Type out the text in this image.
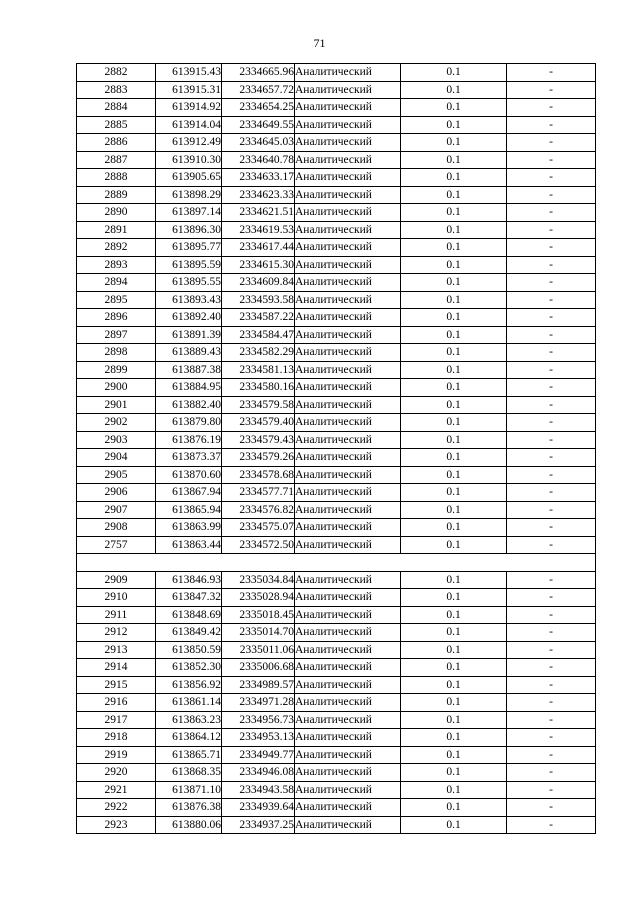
71
2882	613915.43	2334665.96	Аналитический	0.1	-
2883	613915.31	2334657.72	Аналитический	0.1	-
2884	613914.92	2334654.25	Аналитический	0.1	-
2885	613914.04	2334649.55	Аналитический	0.1	-
2886	613912.49	2334645.03	Аналитический	0.1	-
2887	613910.30	2334640.78	Аналитический	0.1	-
2888	613905.65	2334633.17	Аналитический	0.1	-
2889	613898.29	2334623.33	Аналитический	0.1	-
2890	613897.14	2334621.51	Аналитический	0.1	-
2891	613896.30	2334619.53	Аналитический	0.1	-
2892	613895.77	2334617.44	Аналитический	0.1	-
2893	613895.59	2334615.30	Аналитический	0.1	-
2894	613895.55	2334609.84	Аналитический	0.1	-
2895	613893.43	2334593.58	Аналитический	0.1	-
2896	613892.40	2334587.22	Аналитический	0.1	-
2897	613891.39	2334584.47	Аналитический	0.1	-
2898	613889.43	2334582.29	Аналитический	0.1	-
2899	613887.38	2334581.13	Аналитический	0.1	-
2900	613884.95	2334580.16	Аналитический	0.1	-
2901	613882.40	2334579.58	Аналитический	0.1	-
2902	613879.80	2334579.40	Аналитический	0.1	-
2903	613876.19	2334579.43	Аналитический	0.1	-
2904	613873.37	2334579.26	Аналитический	0.1	-
2905	613870.60	2334578.68	Аналитический	0.1	-
2906	613867.94	2334577.71	Аналитический	0.1	-
2907	613865.94	2334576.82	Аналитический	0.1	-
2908	613863.99	2334575.07	Аналитический	0.1	-
2757	613863.44	2334572.50	Аналитический	0.1	-

2909	613846.93	2335034.84	Аналитический	0.1	-
2910	613847.32	2335028.94	Аналитический	0.1	-
2911	613848.69	2335018.45	Аналитический	0.1	-
2912	613849.42	2335014.70	Аналитический	0.1	-
2913	613850.59	2335011.06	Аналитический	0.1	-
2914	613852.30	2335006.68	Аналитический	0.1	-
2915	613856.92	2334989.57	Аналитический	0.1	-
2916	613861.14	2334971.28	Аналитический	0.1	-
2917	613863.23	2334956.73	Аналитический	0.1	-
2918	613864.12	2334953.13	Аналитический	0.1	-
2919	613865.71	2334949.77	Аналитический	0.1	-
2920	613868.35	2334946.08	Аналитический	0.1	-
2921	613871.10	2334943.58	Аналитический	0.1	-
2922	613876.38	2334939.64	Аналитический	0.1	-
2923	613880.06	2334937.25	Аналитический	0.1	-
